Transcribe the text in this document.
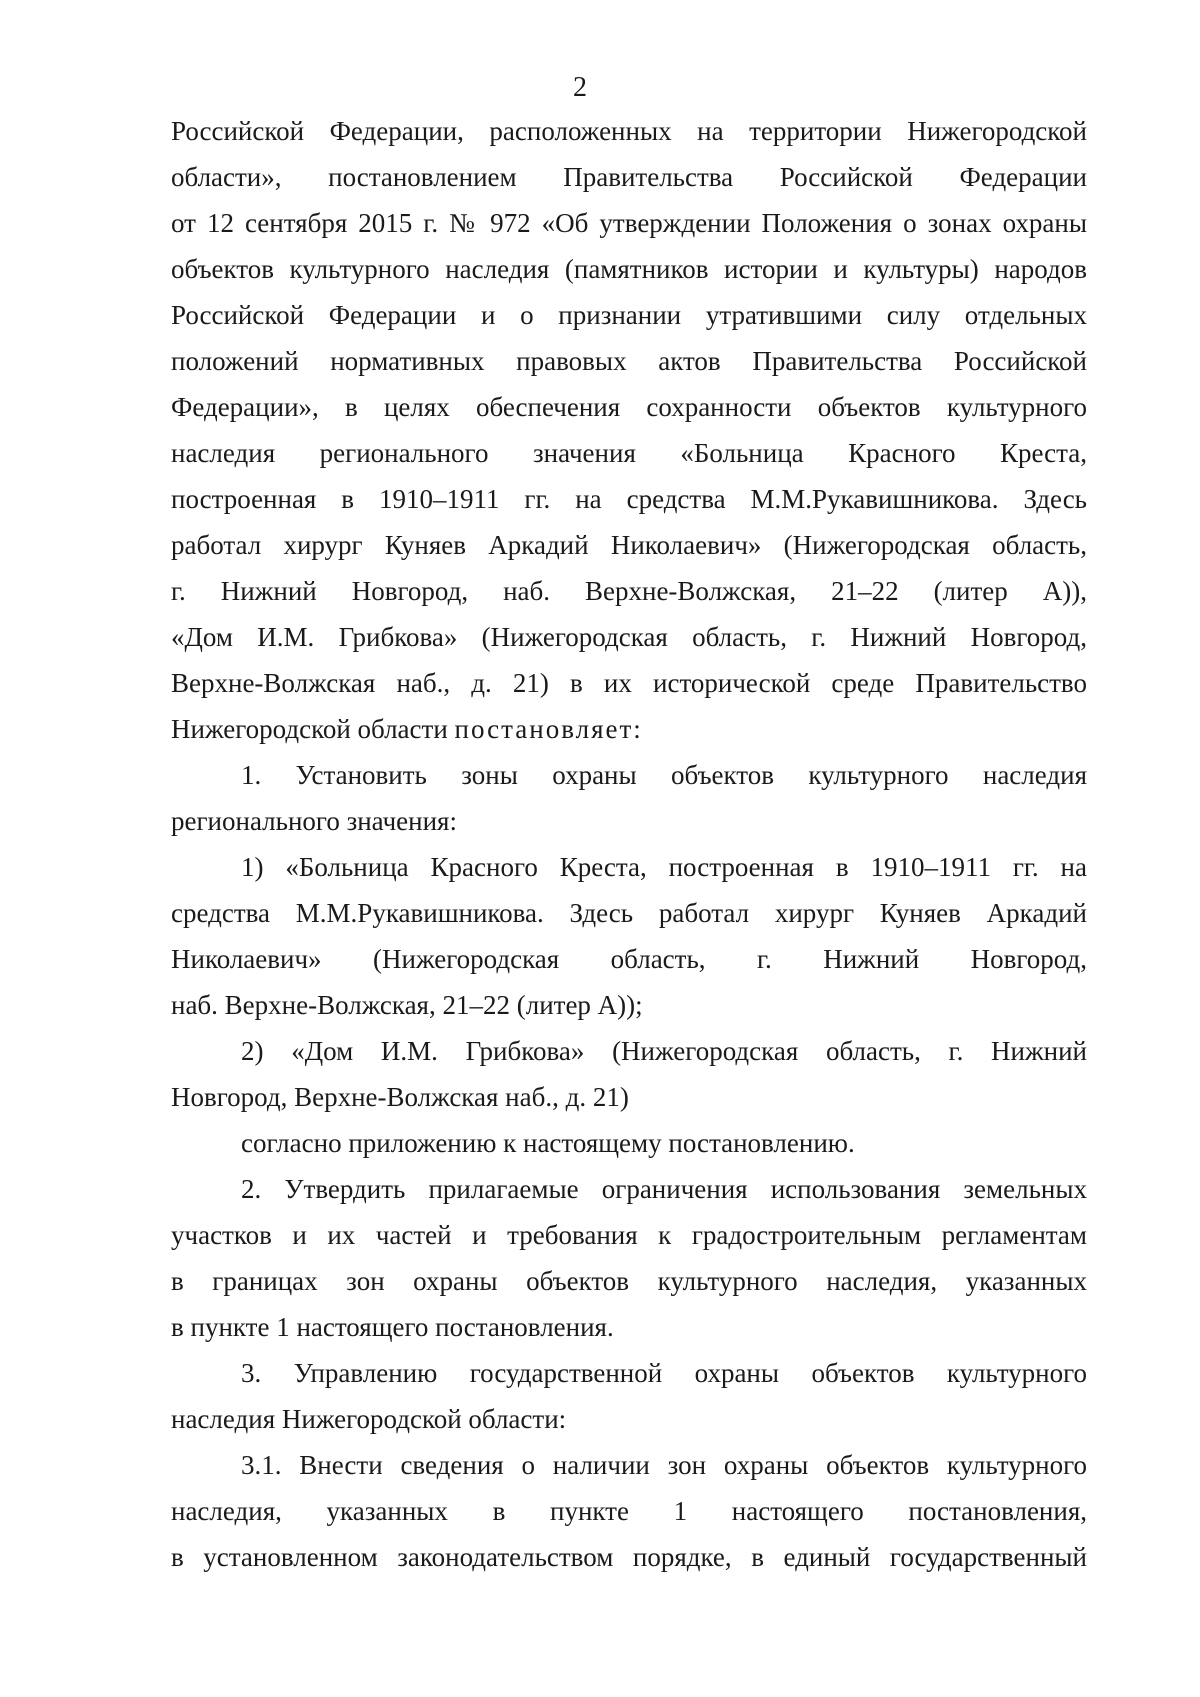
2
Российской Федерации, расположенных на территории Нижегородской
области», постановлением Правительства Российской Федерации
от 12 сентября 2015 г. № 972 «Об утверждении Положения о зонах охраны
объектов культурного наследия (памятников истории и культуры) народов
Российской Федерации и о признании утратившими силу отдельных
положений нормативных правовых актов Правительства Российской
Федерации», в целях обеспечения сохранности объектов культурного
наследия регионального значения «Больница Красного Креста,
построенная в 1910–1911 гг. на средства М.М.Рукавишникова. Здесь
работал хирург Куняев Аркадий Николаевич» (Нижегородская область,
г. Нижний Новгород, наб. Верхне-Волжская, 21–22 (литер А)),
«Дом И.М. Грибкова» (Нижегородская область, г. Нижний Новгород,
Верхне-Волжская наб., д. 21) в их исторической среде Правительство
Нижегородской области постановляет:
1. Установить зоны охраны объектов культурного наследия
регионального значения:
1) «Больница Красного Креста, построенная в 1910–1911 гг. на
средства М.М.Рукавишникова. Здесь работал хирург Куняев Аркадий
Николаевич» (Нижегородская область, г. Нижний Новгород,
наб. Верхне-Волжская, 21–22 (литер А));
2) «Дом И.М. Грибкова» (Нижегородская область, г. Нижний
Новгород, Верхне-Волжская наб., д. 21)
согласно приложению к настоящему постановлению.
2. Утвердить прилагаемые ограничения использования земельных
участков и их частей и требования к градостроительным регламентам
в границах зон охраны объектов культурного наследия, указанных
в пункте 1 настоящего постановления.
3. Управлению государственной охраны объектов культурного
наследия Нижегородской области:
3.1. Внести сведения о наличии зон охраны объектов культурного
наследия, указанных в пункте 1 настоящего постановления,
в установленном законодательством порядке, в единый государственный
